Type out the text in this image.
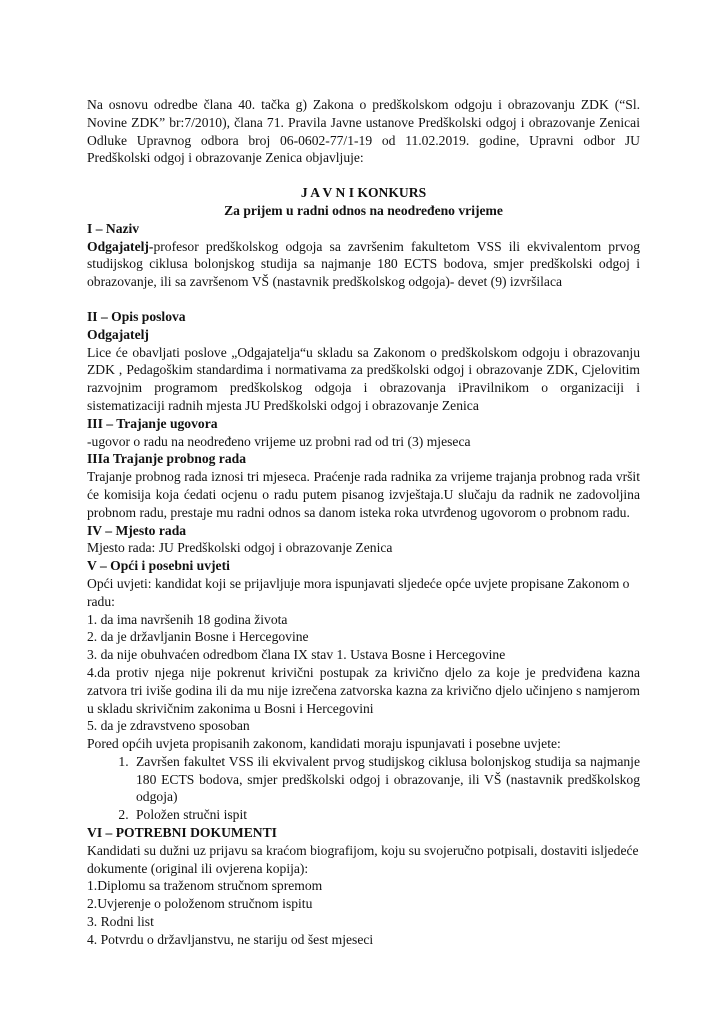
Na osnovu odredbe člana 40. tačka g) Zakona o predškolskom odgoju i obrazovanju ZDK (“Sl. Novine ZDK” br:7/2010), člana 71. Pravila Javne ustanove Predškolski odgoj i obrazovanje Zenicai Odluke Upravnog odbora broj 06-0602-77/1-19 od 11.02.2019. godine, Upravni odbor JU Predškolski odgoj i obrazovanje Zenica objavljuje:

J A V N I KONKURS

Za prijem u radni odnos na neodređeno vrijeme

I – Naziv

Odgajatelj-profesor predškolskog odgoja sa završenim fakultetom VSS ili ekvivalentom prvog studijskog ciklusa bolonjskog studija sa najmanje 180 ECTS bodova, smjer predškolski odgoj i obrazovanje, ili sa završenom VŠ (nastavnik predškolskog odgoja)- devet (9) izvršilaca

II – Opis poslova

Odgajatelj

Lice će obavljati poslove „Odgajatelja“u skladu sa Zakonom o predškolskom odgoju i obrazovanju ZDK , Pedagoškim standardima i normativama za predškolski odgoj i obrazovanje ZDK, Cjelovitim razvojnim programom predškolskog odgoja i obrazovanja iPravilnikom o organizaciji i sistematizaciji radnih mjesta JU Predškolski odgoj i obrazovanje Zenica

III – Trajanje ugovora

-ugovor o radu na neodređeno vrijeme uz probni rad od tri (3) mjeseca

IIIa Trajanje probnog rada

Trajanje probnog rada iznosi tri mjeseca. Praćenje rada radnika za vrijeme trajanja probnog rada vršit će komisija koja ćedati ocjenu o radu putem pisanog izvještaja.U slučaju da radnik ne zadovoljina probnom radu, prestaje mu radni odnos sa danom isteka roka utvrđenog ugovorom o probnom radu.

IV – Mjesto rada

Mjesto rada: JU Predškolski odgoj i obrazovanje Zenica

V – Opći i posebni uvjeti

Opći uvjeti: kandidat koji se prijavljuje mora ispunjavati sljedeće opće uvjete propisane Zakonom o radu:

1. da ima navršenih 18 godina života

2. da je državljanin Bosne i Hercegovine

3. da nije obuhvaćen odredbom člana IX stav 1. Ustava Bosne i Hercegovine

4.da protiv njega nije pokrenut krivični postupak za krivično djelo za koje je predviđena kazna zatvora tri iviše godina ili da mu nije izrečena zatvorska kazna za krivično djelo učinjeno s namjerom u skladu skrivičnim zakonima u Bosni i Hercegovini

5. da je zdravstveno sposoban

Pored općih uvjeta propisanih zakonom, kandidati moraju ispunjavati i posebne uvjete:

1. Završen fakultet VSS ili ekvivalent prvog studijskog ciklusa bolonjskog studija sa najmanje 180 ECTS bodova, smjer predškolski odgoj i obrazovanje, ili VŠ (nastavnik predškolskog odgoja)
2. Položen stručni ispit

VI – POTREBNI DOKUMENTI

Kandidati su dužni uz prijavu sa kraćom biografijom, koju su svojeručno potpisali, dostaviti isljedeće dokumente (original ili ovjerena kopija):

1.Diplomu sa traženom stručnom spremom

2.Uvjerenje o položenom stručnom ispitu

3. Rodni list

4. Potvrdu o državljanstvu, ne stariju od šest mjeseci
